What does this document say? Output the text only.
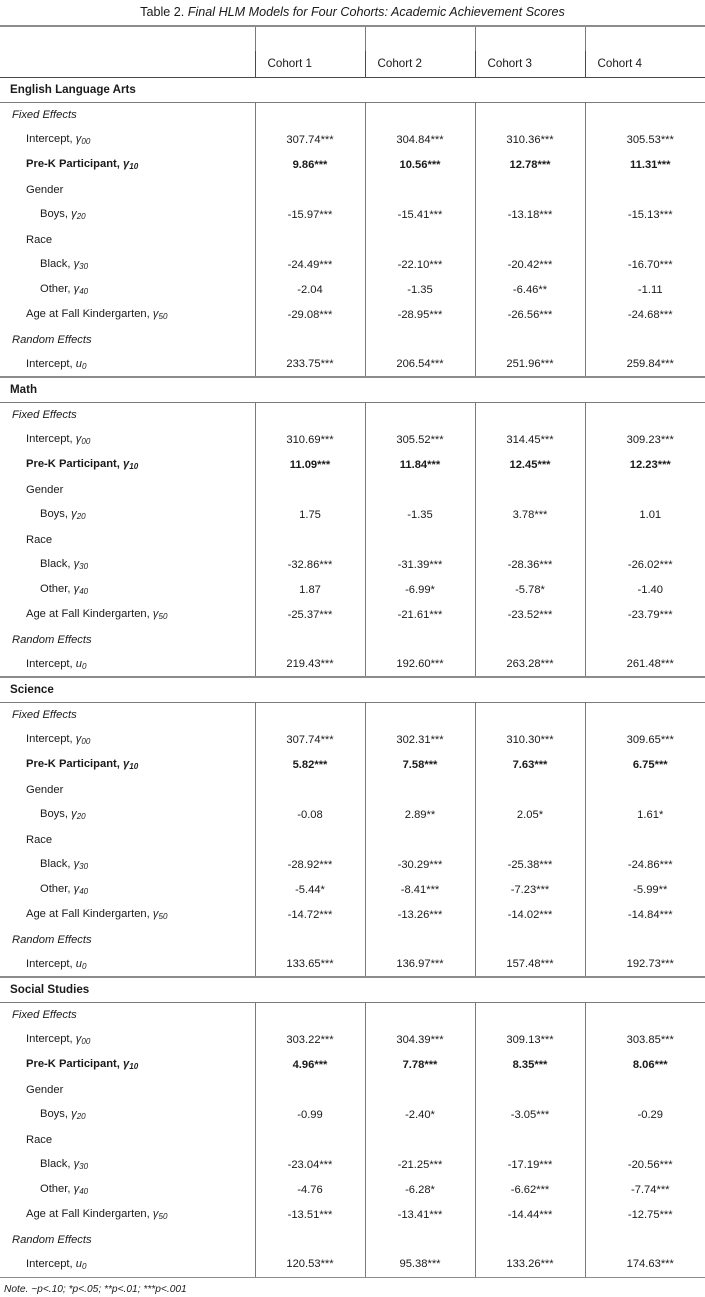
Table 2. Final HLM Models for Four Cohorts: Academic Achievement Scores

	Cohort 1	Cohort 2	Cohort 3	Cohort 4
English Language Arts				
Fixed Effects				
Intercept, $\gamma_{00}$	307.74***	304.84***	310.36***	305.53***
Pre-K Participant, $\gamma_{10}$	9.86***	10.56***	12.78***	11.31***
Gender				
Boys, $\gamma_{20}$	-15.97***	-15.41***	-13.18***	-15.13***
Race				
Black, $\gamma_{30}$	-24.49***	-22.10***	-20.42***	-16.70***
Other, $\gamma_{40}$	-2.04	-1.35	-6.46**	-1.11
Age at Fall Kindergarten, $\gamma_{50}$	-29.08***	-28.95***	-26.56***	-24.68***
Random Effects				
Intercept, $u_0$	233.75***	206.54***	251.96***	259.84***
Math				
Fixed Effects				
Intercept, $\gamma_{00}$	310.69***	305.52***	314.45***	309.23***
Pre-K Participant, $\gamma_{10}$	11.09***	11.84***	12.45***	12.23***
Gender				
Boys, $\gamma_{20}$	1.75	-1.35	3.78***	1.01
Race				
Black, $\gamma_{30}$	-32.86***	-31.39***	-28.36***	-26.02***
Other, $\gamma_{40}$	1.87	-6.99*	-5.78*	-1.40
Age at Fall Kindergarten, $\gamma_{50}$	-25.37***	-21.61***	-23.52***	-23.79***
Random Effects				
Intercept, $u_0$	219.43***	192.60***	263.28***	261.48***
Science				
Fixed Effects				
Intercept, $\gamma_{00}$	307.74***	302.31***	310.30***	309.65***
Pre-K Participant, $\gamma_{10}$	5.82***	7.58***	7.63***	6.75***
Gender				
Boys, $\gamma_{20}$	-0.08	2.89**	2.05*	1.61*
Race				
Black, $\gamma_{30}$	-28.92***	-30.29***	-25.38***	-24.86***
Other, $\gamma_{40}$	-5.44*	-8.41***	-7.23***	-5.99**
Age at Fall Kindergarten, $\gamma_{50}$	-14.72***	-13.26***	-14.02***	-14.84***
Random Effects				
Intercept, $u_0$	133.65***	136.97***	157.48***	192.73***
Social Studies				
Fixed Effects				
Intercept, $\gamma_{00}$	303.22***	304.39***	309.13***	303.85***
Pre-K Participant, $\gamma_{10}$	4.96***	7.78***	8.35***	8.06***
Gender				
Boys, $\gamma_{20}$	-0.99	-2.40*	-3.05***	-0.29
Race				
Black, $\gamma_{30}$	-23.04***	-21.25***	-17.19***	-20.56***
Other, $\gamma_{40}$	-4.76	-6.28*	-6.62***	-7.74***
Age at Fall Kindergarten, $\gamma_{50}$	-13.51***	-13.41***	-14.44***	-12.75***
Random Effects				
Intercept, $u_0$	120.53***	95.38***	133.26***	174.63***
Note. ~p<.10; *p<.05; **p<.01; ***p<.001
